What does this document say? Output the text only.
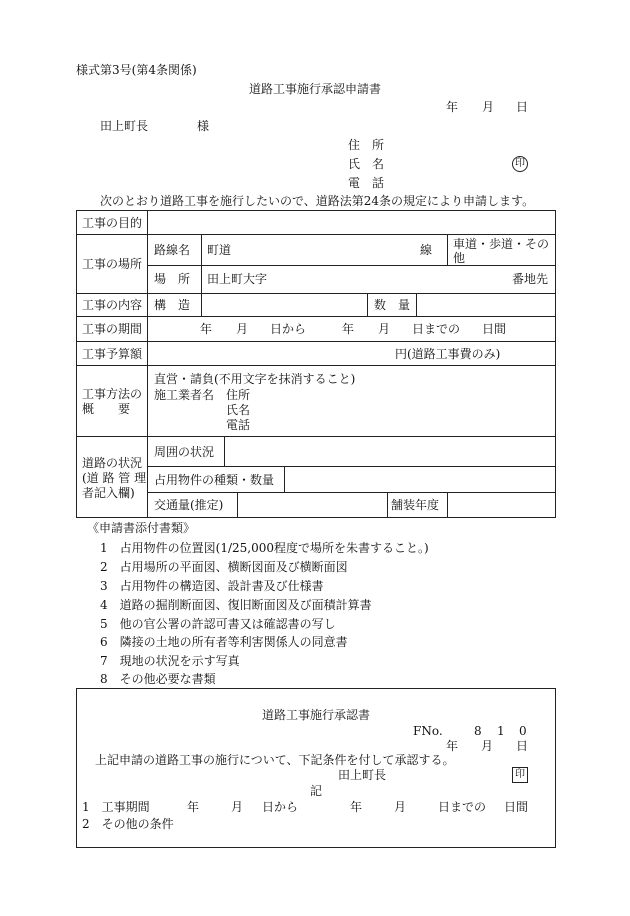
様式第3号(第4条関係)
道路工事施行承認申請書
年 月 日
田上町長	様
住　所
氏　名	印
電　話
次のとおり道路工事を施行したいので、道路法第24条の規定により申請します。
工事の目的
工事の場所
路線名 町道	線 車道・歩道・その
他
場　所 田上町大字	番地先
工事の内容 構　造	数　量
工事の期間	年 月 日から	年 月 日までの 日間
工事予算額	円(道路工事費のみ)
工事方法の
概　　要
直営・請負(不用文字を抹消すること)
施工業者名 住所
氏名
電話
道路の状況
(道 路 管 理
者記入欄)
周囲の状況
占用物件の種類・数量
交通量(推定)	舗装年度
《申請書添付書類》
1　占用物件の位置図(1/25,000程度で場所を朱書すること。)
2　占用場所の平面図、横断図面及び横断面図
3　占用物件の構造図、設計書及び仕様書
4　道路の掘削断面図、復旧断面図及び面積計算書
5　他の官公署の許認可書又は確認書の写し
6　隣接の土地の所有者等利害関係人の同意書
7　現地の状況を示す写真
8　その他必要な書類
道路工事施行承認書
FNo.	8 1 0
年 月 日
上記申請の道路工事の施行について、下記条件を付して承認する。
田上町長	印
記
1　工事期間	年	月 日から	年	月	日までの 日間
2　その他の条件
